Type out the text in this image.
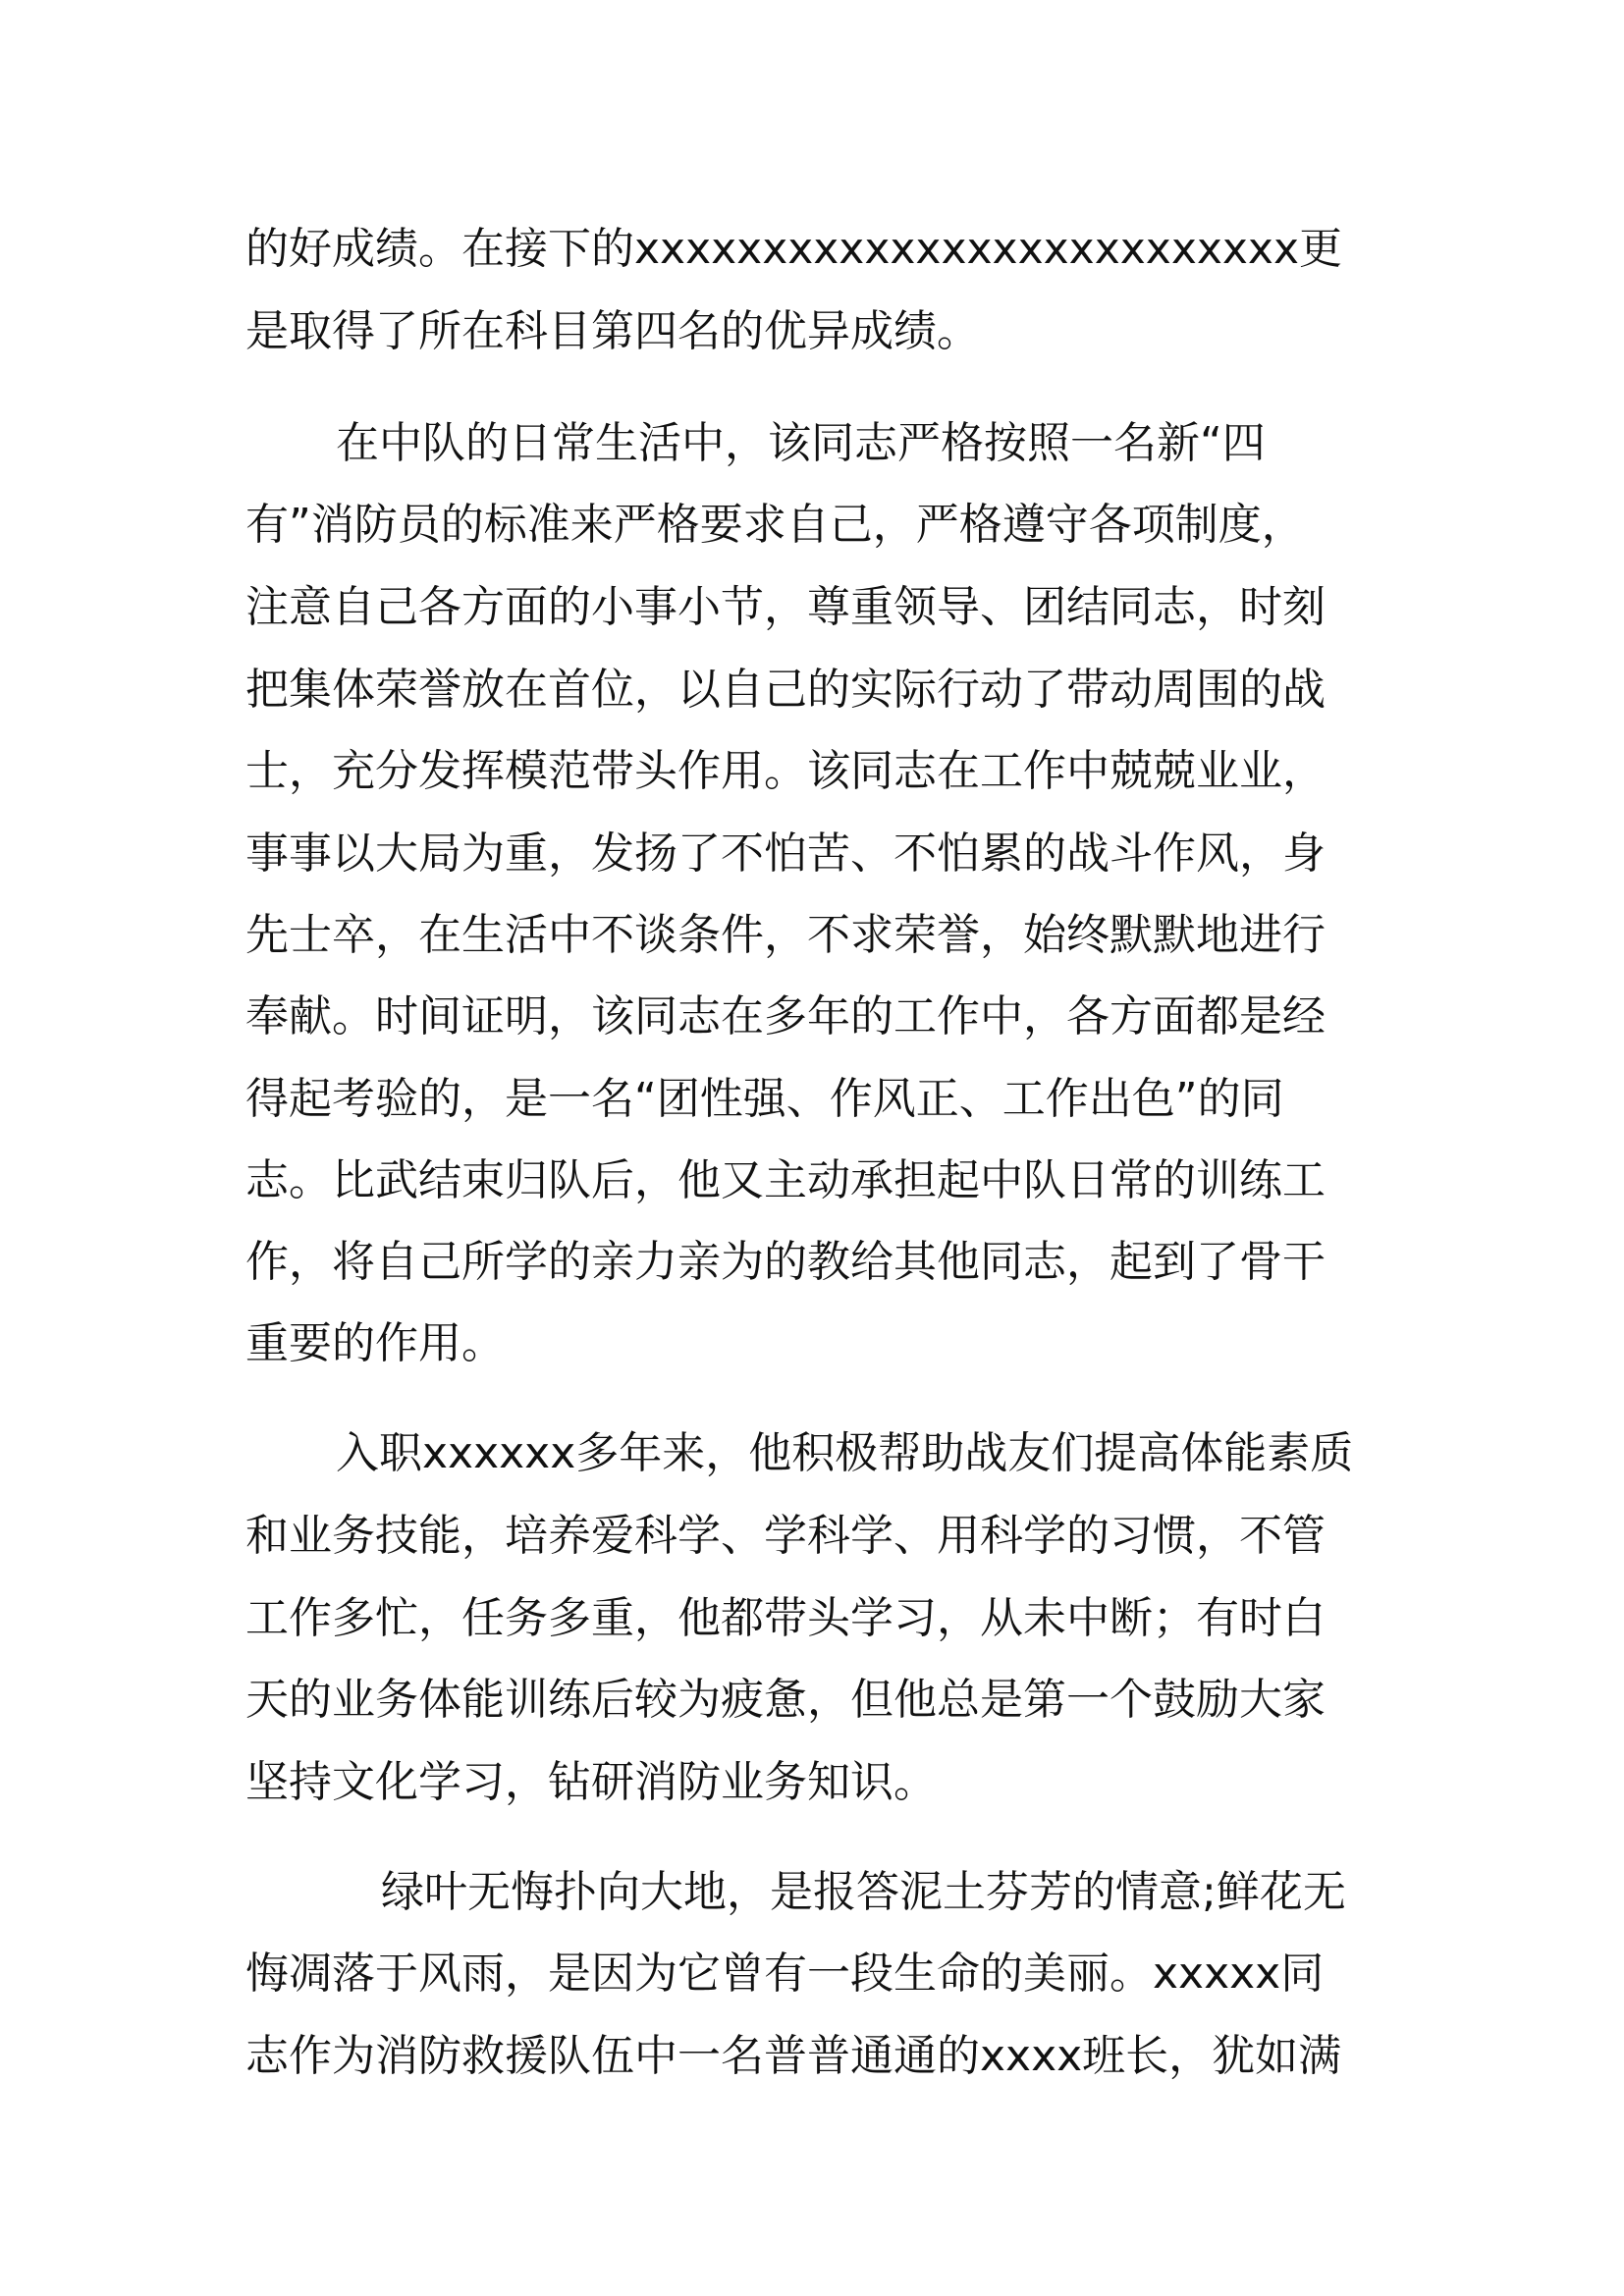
的好成绩。在接下的xxxxxxxxxxxxxxxxxxxxxxxxxx更
是取得了所在科目第四名的优异成绩。
在中队的日常生活中，该同志严格按照一名新“四
有”消防员的标准来严格要求自己，严格遵守各项制度，
注意自己各方面的小事小节，尊重领导、团结同志，时刻
把集体荣誉放在首位，以自己的实际行动了带动周围的战
士，充分发挥模范带头作用。该同志在工作中兢兢业业，
事事以大局为重，发扬了不怕苦、不怕累的战斗作风，身
先士卒，在生活中不谈条件，不求荣誉，始终默默地进行
奉献。时间证明，该同志在多年的工作中，各方面都是经
得起考验的，是一名“团性强、作风正、工作出色”的同
志。比武结束归队后，他又主动承担起中队日常的训练工
作，将自己所学的亲力亲为的教给其他同志，起到了骨干
重要的作用。
入职xxxxxx多年来，他积极帮助战友们提高体能素质
和业务技能，培养爱科学、学科学、用科学的习惯，不管
工作多忙，任务多重，他都带头学习，从未中断；有时白
天的业务体能训练后较为疲惫，但他总是第一个鼓励大家
坚持文化学习，钻研消防业务知识。
绿叶无悔扑向大地，是报答泥土芬芳的情意;鲜花无
悔凋落于风雨，是因为它曾有一段生命的美丽。xxxxx同
志作为消防救援队伍中一名普普通通的xxxx班长，犹如满
